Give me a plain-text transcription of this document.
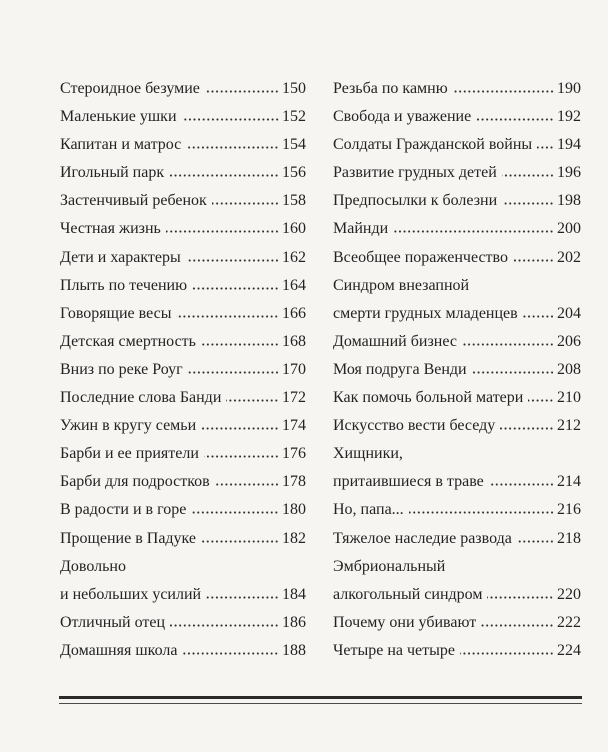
Стероидное безумие	150
Маленькие ушки	152
Капитан и матрос	154
Игольный парк	156
Застенчивый ребенок	158
Честная жизнь	160
Дети и характеры	162
Плыть по течению	164
Говорящие весы	166
Детская смертность	168
Вниз по реке Роуг	170
Последние слова Банди	172
Ужин в кругу семьи	174
Барби и ее приятели	176
Барби для подростков	178
В радости и в горе	180
Прощение в Падуке	182
Довольно
и небольших усилий	184
Отличный отец	186
Домашняя школа	188
Резьба по камню	190
Свобода и уважение	192
Солдаты Гражданской войны 194
Развитие грудных детей	196
Предпосылки к болезни	198
Майнди	200
Всеобщее пораженчество	202
Синдром внезапной
смерти грудных младенцев 204
Домашний бизнес	206
Моя подруга Венди	208
Как помочь больной матери 210
Искусство вести беседу	212
Хищники,
притаившиеся в траве	214
Но, папа...	216
Тяжелое наследие развода	218
Эмбриональный
алкогольный синдром	220
Почему они убивают	222
Четыре на четыре	224
